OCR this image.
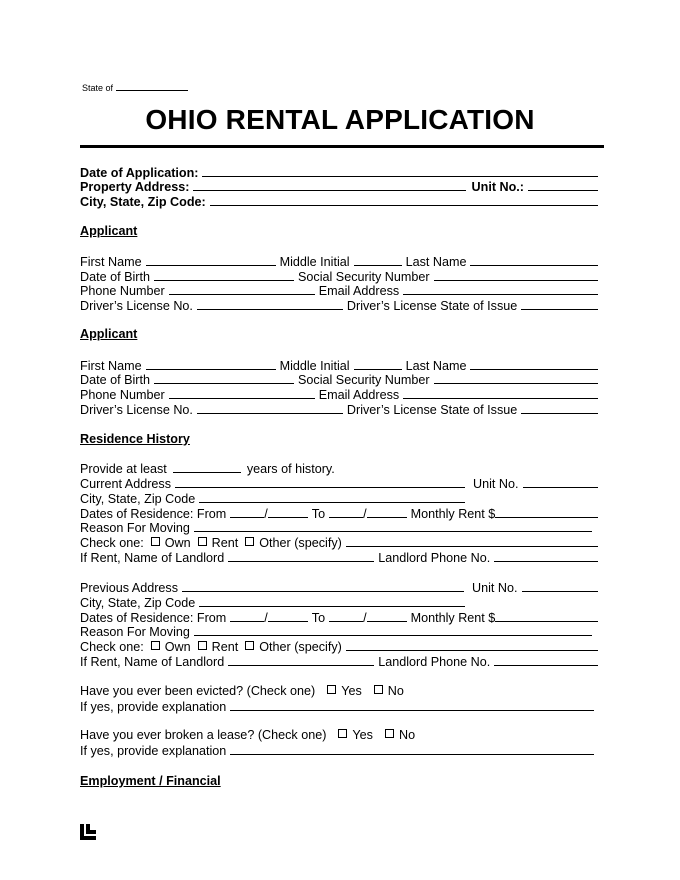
State of
OHIO RENTAL APPLICATION
Date of Application:
Property Address:	Unit No.:
City, State, Zip Code:
Applicant
First Name	Middle Initial	Last Name
Date of Birth	Social Security Number
Phone Number	Email Address
Driver’s License No.	Driver’s License State of Issue
Applicant
First Name	Middle Initial	Last Name
Date of Birth	Social Security Number
Phone Number	Email Address
Driver’s License No.	Driver’s License State of Issue
Residence History
Provide at least	years of history.
Current Address	Unit No.
City, State, Zip Code
Dates of Residence: From	/	To	/	Monthly Rent $
Reason For Moving
Check one: Own Rent Other (specify)
If Rent, Name of Landlord	Landlord Phone No.
Previous Address	Unit No.
City, State, Zip Code
Dates of Residence: From	/	To	/	Monthly Rent $
Reason For Moving
Check one: Own Rent Other (specify)
If Rent, Name of Landlord	Landlord Phone No.
Have you ever been evicted? (Check one) Yes No
If yes, provide explanation
Have you ever broken a lease? (Check one) Yes No
If yes, provide explanation
Employment / Financial
